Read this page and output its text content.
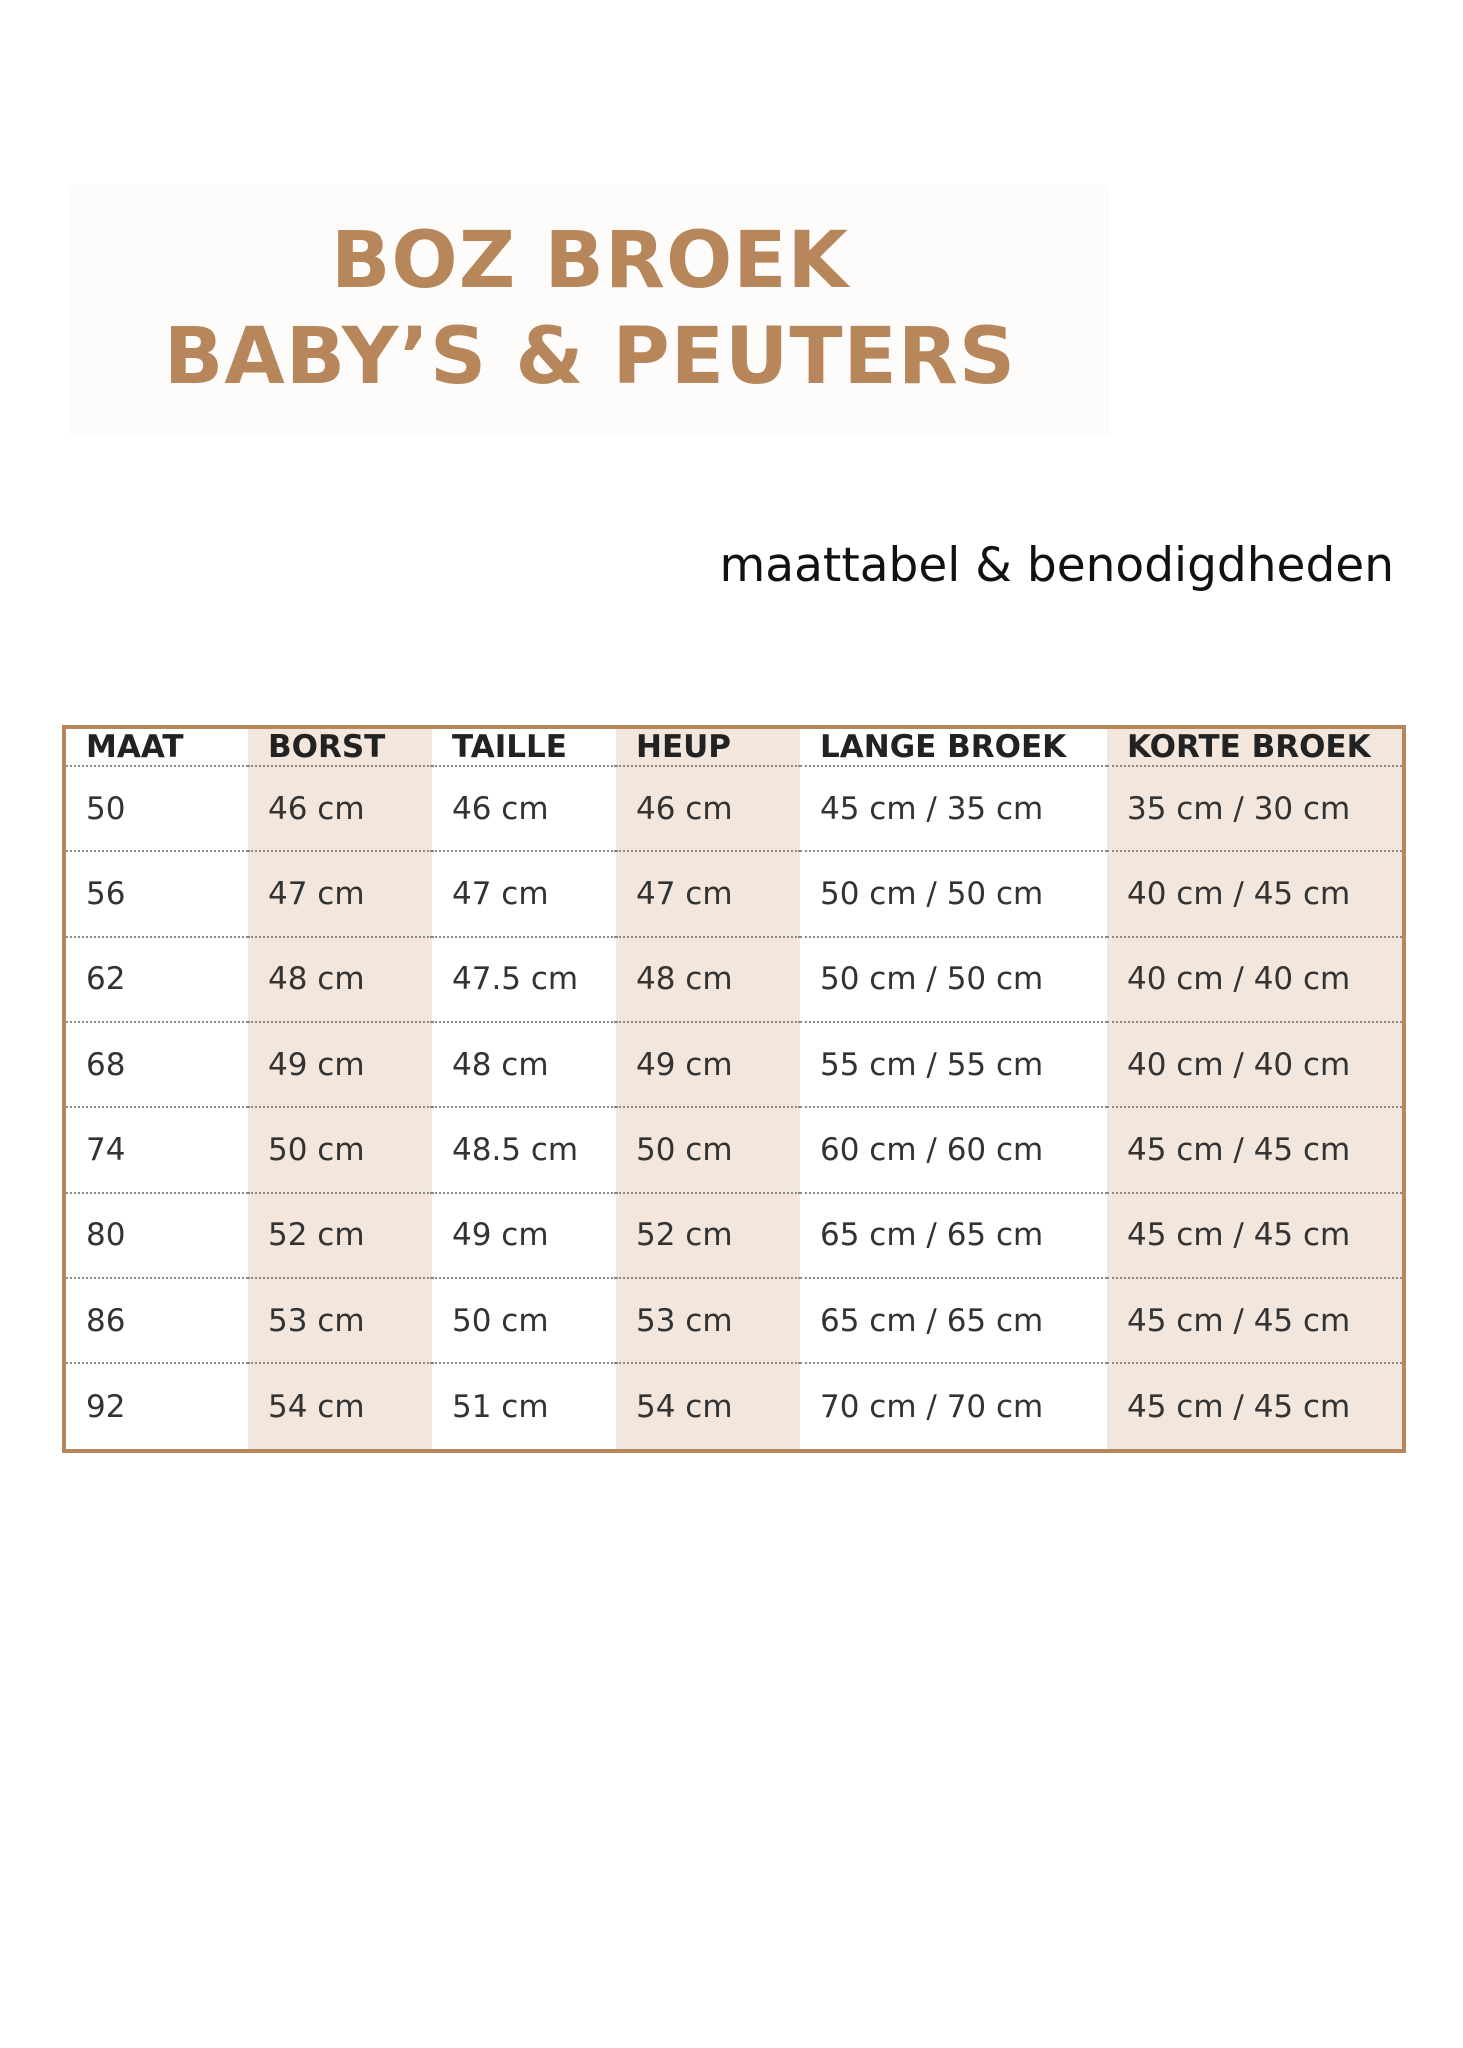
BOZ BROEK
BABY’S & PEUTERS
maattabel & benodigdheden
MAAT	BORST	TAILLE	HEUP	LANGE BROEK	KORTE BROEK
50	46 cm	46 cm	46 cm	45 cm / 35 cm	35 cm / 30 cm
56	47 cm	47 cm	47 cm	50 cm / 50 cm	40 cm / 45 cm
62	48 cm	47.5 cm	48 cm	50 cm / 50 cm	40 cm / 40 cm
68	49 cm	48 cm	49 cm	55 cm / 55 cm	40 cm / 40 cm
74	50 cm	48.5 cm	50 cm	60 cm / 60 cm	45 cm / 45 cm
80	52 cm	49 cm	52 cm	65 cm / 65 cm	45 cm / 45 cm
86	53 cm	50 cm	53 cm	65 cm / 65 cm	45 cm / 45 cm
92	54 cm	51 cm	54 cm	70 cm / 70 cm	45 cm / 45 cm
